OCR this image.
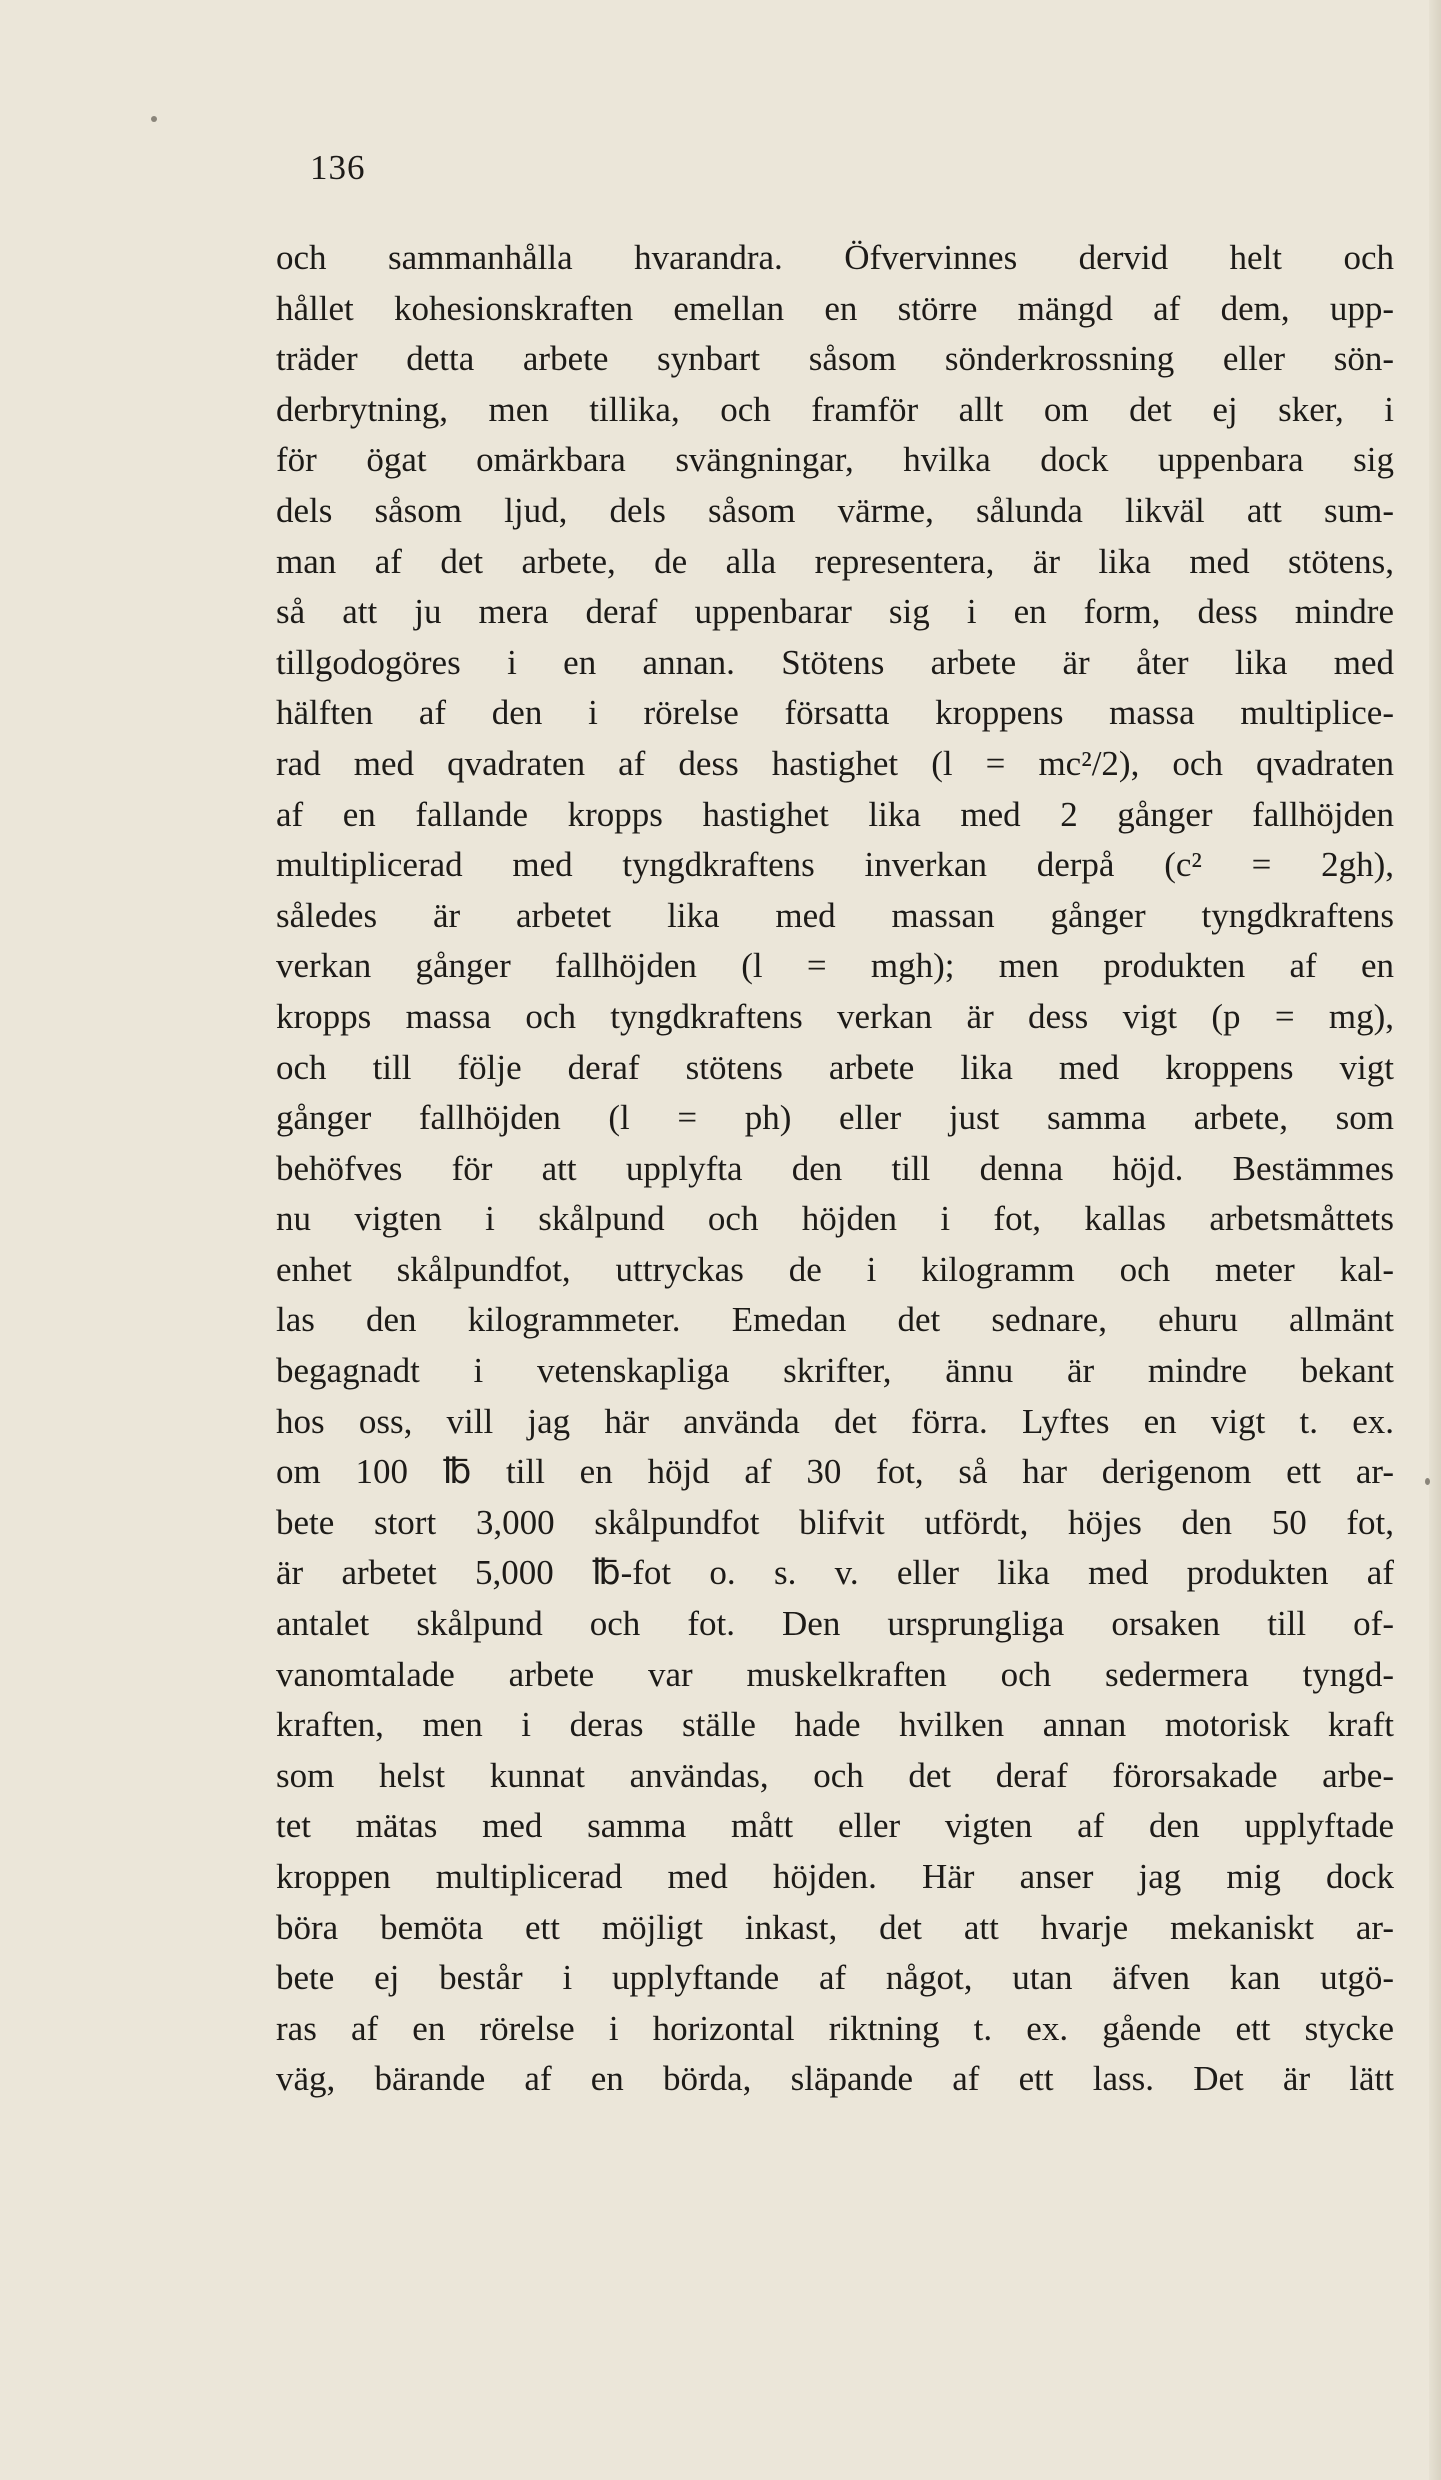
136
och sammanhålla hvarandra. Öfvervinnes dervid helt och
hållet kohesionskraften emellan en större mängd af dem, upp-
träder detta arbete synbart såsom sönderkrossning eller sön-
derbrytning, men tillika, och framför allt om det ej sker, i
för ögat omärkbara svängningar, hvilka dock uppenbara sig
dels såsom ljud, dels såsom värme, sålunda likväl att sum-
man af det arbete, de alla representera, är lika med stötens,
så att ju mera deraf uppenbarar sig i en form, dess mindre
tillgodogöres i en annan. Stötens arbete är åter lika med
hälften af den i rörelse försatta kroppens massa multiplice-
rad med qvadraten af dess hastighet (l = mc²/2), och qvadraten
af en fallande kropps hastighet lika med 2 gånger fallhöjden
multiplicerad med tyngdkraftens inverkan derpå (c² = 2gh),
således är arbetet lika med massan gånger tyngdkraftens
verkan gånger fallhöjden (l = mgh); men produkten af en
kropps massa och tyngdkraftens verkan är dess vigt (p = mg),
och till följe deraf stötens arbete lika med kroppens vigt
gånger fallhöjden (l = ph) eller just samma arbete, som
behöfves för att upplyfta den till denna höjd. Bestämmes
nu vigten i skålpund och höjden i fot, kallas arbetsmåttets
enhet skålpundfot, uttryckas de i kilogramm och meter kal-
las den kilogrammeter. Emedan det sednare, ehuru allmänt
begagnadt i vetenskapliga skrifter, ännu är mindre bekant
hos oss, vill jag här använda det förra. Lyftes en vigt t. ex.
om 100 ℔ till en höjd af 30 fot, så har derigenom ett ar-
bete stort 3,000 skålpundfot blifvit utfördt, höjes den 50 fot,
är arbetet 5,000 ℔-fot o. s. v. eller lika med produkten af
antalet skålpund och fot. Den ursprungliga orsaken till of-
vanomtalade arbete var muskelkraften och sedermera tyngd-
kraften, men i deras ställe hade hvilken annan motorisk kraft
som helst kunnat användas, och det deraf förorsakade arbe-
tet mätas med samma mått eller vigten af den upplyftade
kroppen multiplicerad med höjden. Här anser jag mig dock
böra bemöta ett möjligt inkast, det att hvarje mekaniskt ar-
bete ej består i upplyftande af något, utan äfven kan utgö-
ras af en rörelse i horizontal riktning t. ex. gående ett stycke
väg, bärande af en börda, släpande af ett lass. Det är lätt
